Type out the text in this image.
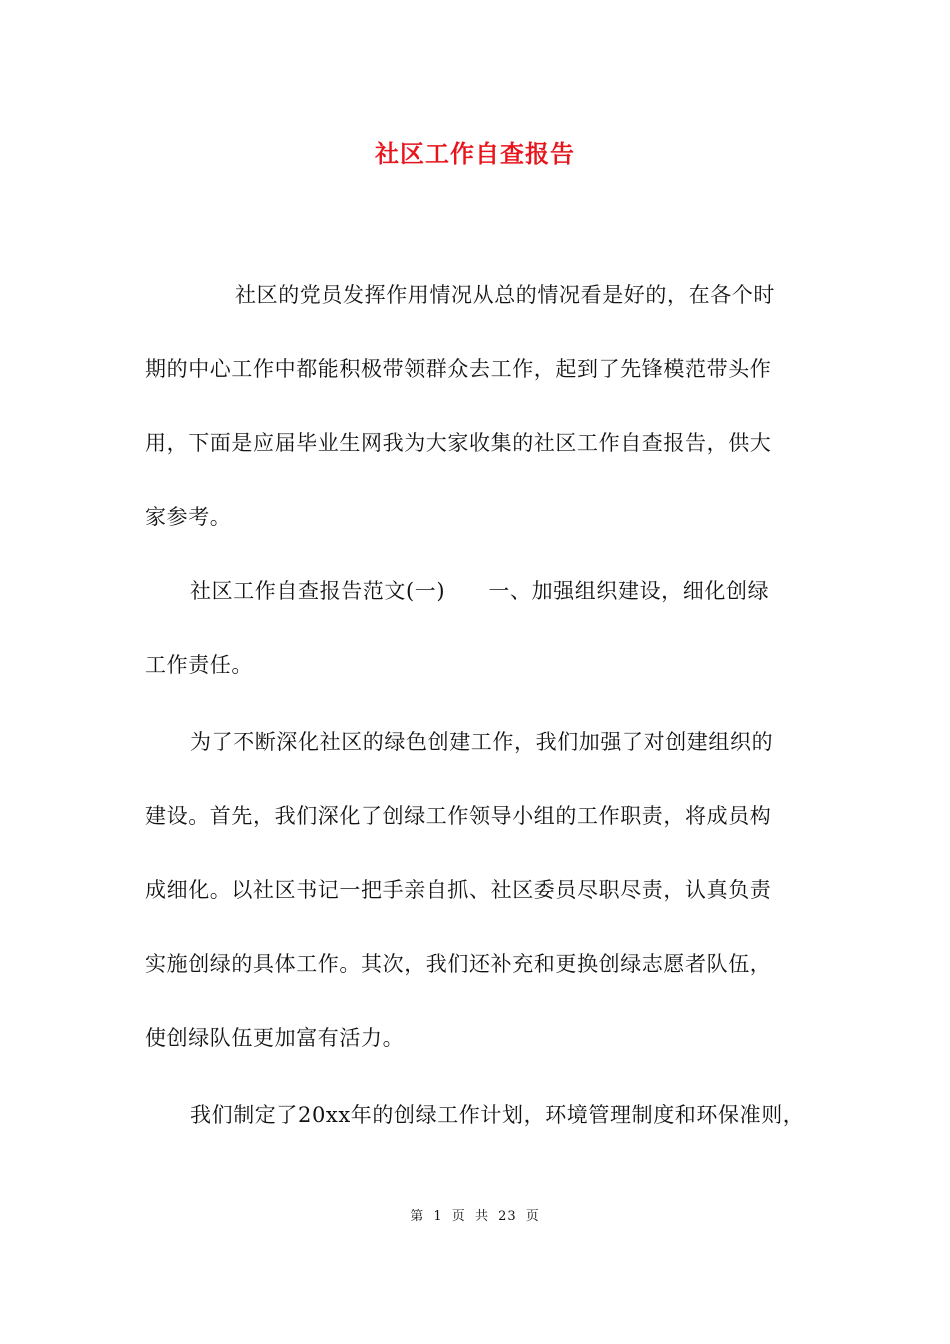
社区工作自查报告
社区的党员发挥作用情况从总的情况看是好的，在各个时
期的中心工作中都能积极带领群众去工作，起到了先锋模范带头作
用，下面是应届毕业生网我为大家收集的社区工作自查报告，供大
家参考。
社区工作自查报告范文(一)　　一、加强组织建设，细化创绿
工作责任。
为了不断深化社区的绿色创建工作，我们加强了对创建组织的
建设。首先，我们深化了创绿工作领导小组的工作职责，将成员构
成细化。以社区书记一把手亲自抓、社区委员尽职尽责，认真负责
实施创绿的具体工作。其次，我们还补充和更换创绿志愿者队伍，
使创绿队伍更加富有活力。
我们制定了20xx年的创绿工作计划，环境管理制度和环保准则，
第 1 页 共 23 页
